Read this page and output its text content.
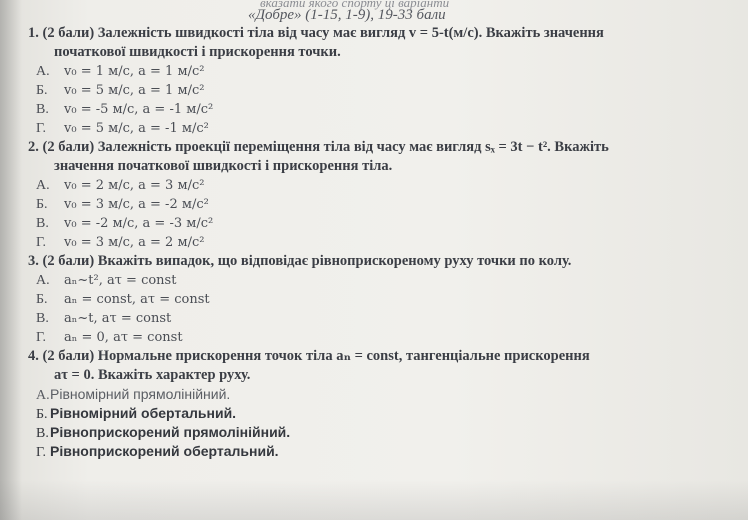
вказати якого спорту ці варіанти
«Добре» (1-15, 1-9), 19-33 бали
1. (2 бали) Залежність швидкості тіла від часу має вигляд v = 5-t(м/с). Вкажіть значення
початкової швидкості і прискорення точки.
А. v₀ = 1 м/с, a = 1 м/с²
Б. v₀ = 5 м/с, a = 1 м/с²
В. v₀ = -5 м/с, a = -1 м/с²
Г. v₀ = 5 м/с, a = -1 м/с²
2. (2 бали) Залежність проекції переміщення тіла від часу має вигляд sₓ = 3t − t². Вкажіть
значення початкової швидкості і прискорення тіла.
А. v₀ = 2 м/с, a = 3 м/с²
Б. v₀ = 3 м/с, a = -2 м/с²
В. v₀ = -2 м/с, a = -3 м/с²
Г. v₀ = 3 м/с, a = 2 м/с²
3. (2 бали) Вкажіть випадок, що відповідає рівноприскореному руху точки по колу.
А. aₙ~t², aτ = const
Б. aₙ = const, aτ = const
В. aₙ~t, aτ = const
Г. aₙ = 0, aτ = const
4. (2 бали) Нормальне прискорення точок тіла aₙ = const, тангенціальне прискорення
aτ = 0. Вкажіть характер руху.
А.Рівномірний прямолінійний.
Б. Рівномірний обертальний.
В.Рівноприскорений прямолінійний.
Г. Рівноприскорений обертальний.
